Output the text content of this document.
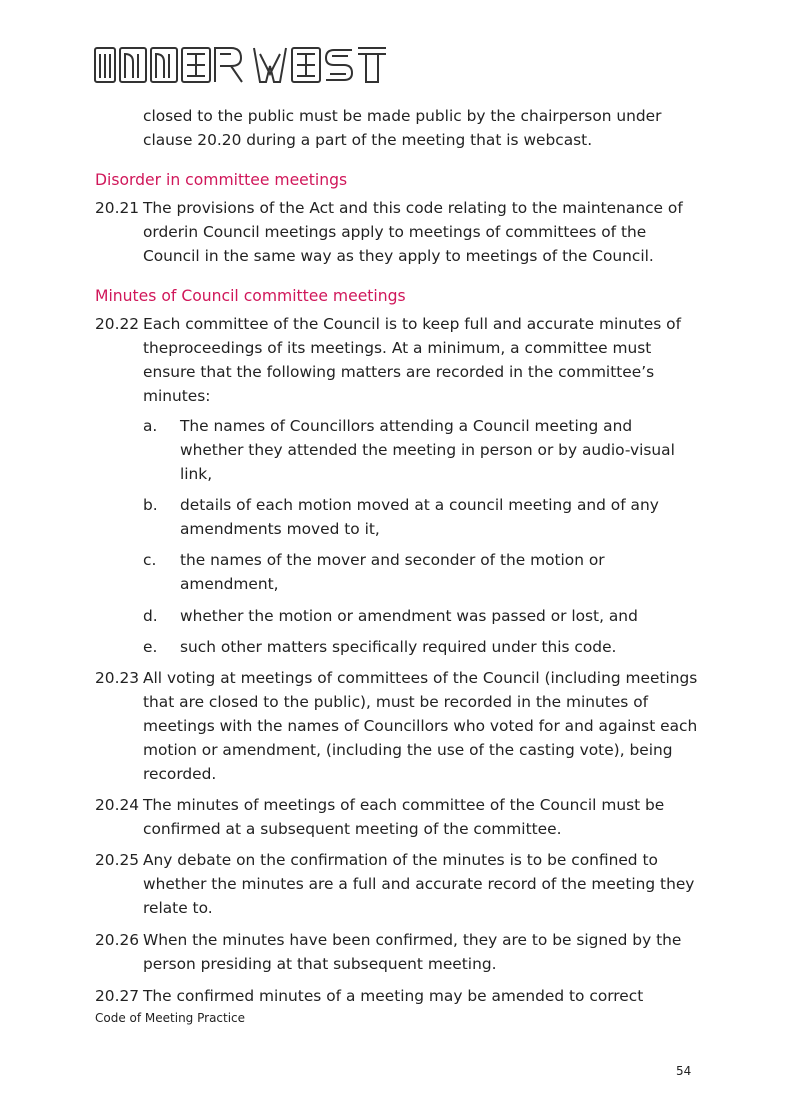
closed to the public must be made public by the chairperson under clause 20.20 during a part of the meeting that is webcast.
Disorder in committee meetings
20.21 The provisions of the Act and this code relating to the maintenance of orderin Council meetings apply to meetings of committees of the Council in the same way as they apply to meetings of the Council.
Minutes of Council committee meetings
20.22 Each committee of the Council is to keep full and accurate minutes of theproceedings of its meetings. At a minimum, a committee must ensure that the following matters are recorded in the committee’s minutes:
a. The names of Councillors attending a Council meeting and whether they attended the meeting in person or by audio-visual link,
b. details of each motion moved at a council meeting and of any amendments moved to it,
c. the names of the mover and seconder of the motion or amendment,
d. whether the motion or amendment was passed or lost, and
e. such other matters specifically required under this code.
20.23 All voting at meetings of committees of the Council (including meetings that are closed to the public), must be recorded in the minutes of meetings with the names of Councillors who voted for and against each motion or amendment, (including the use of the casting vote), being recorded.
20.24 The minutes of meetings of each committee of the Council must be confirmed at a subsequent meeting of the committee.
20.25 Any debate on the confirmation of the minutes is to be confined to whether the minutes are a full and accurate record of the meeting they relate to.
20.26 When the minutes have been confirmed, they are to be signed by the person presiding at that subsequent meeting.
20.27 The confirmed minutes of a meeting may be amended to correct
Code of Meeting Practice
54
